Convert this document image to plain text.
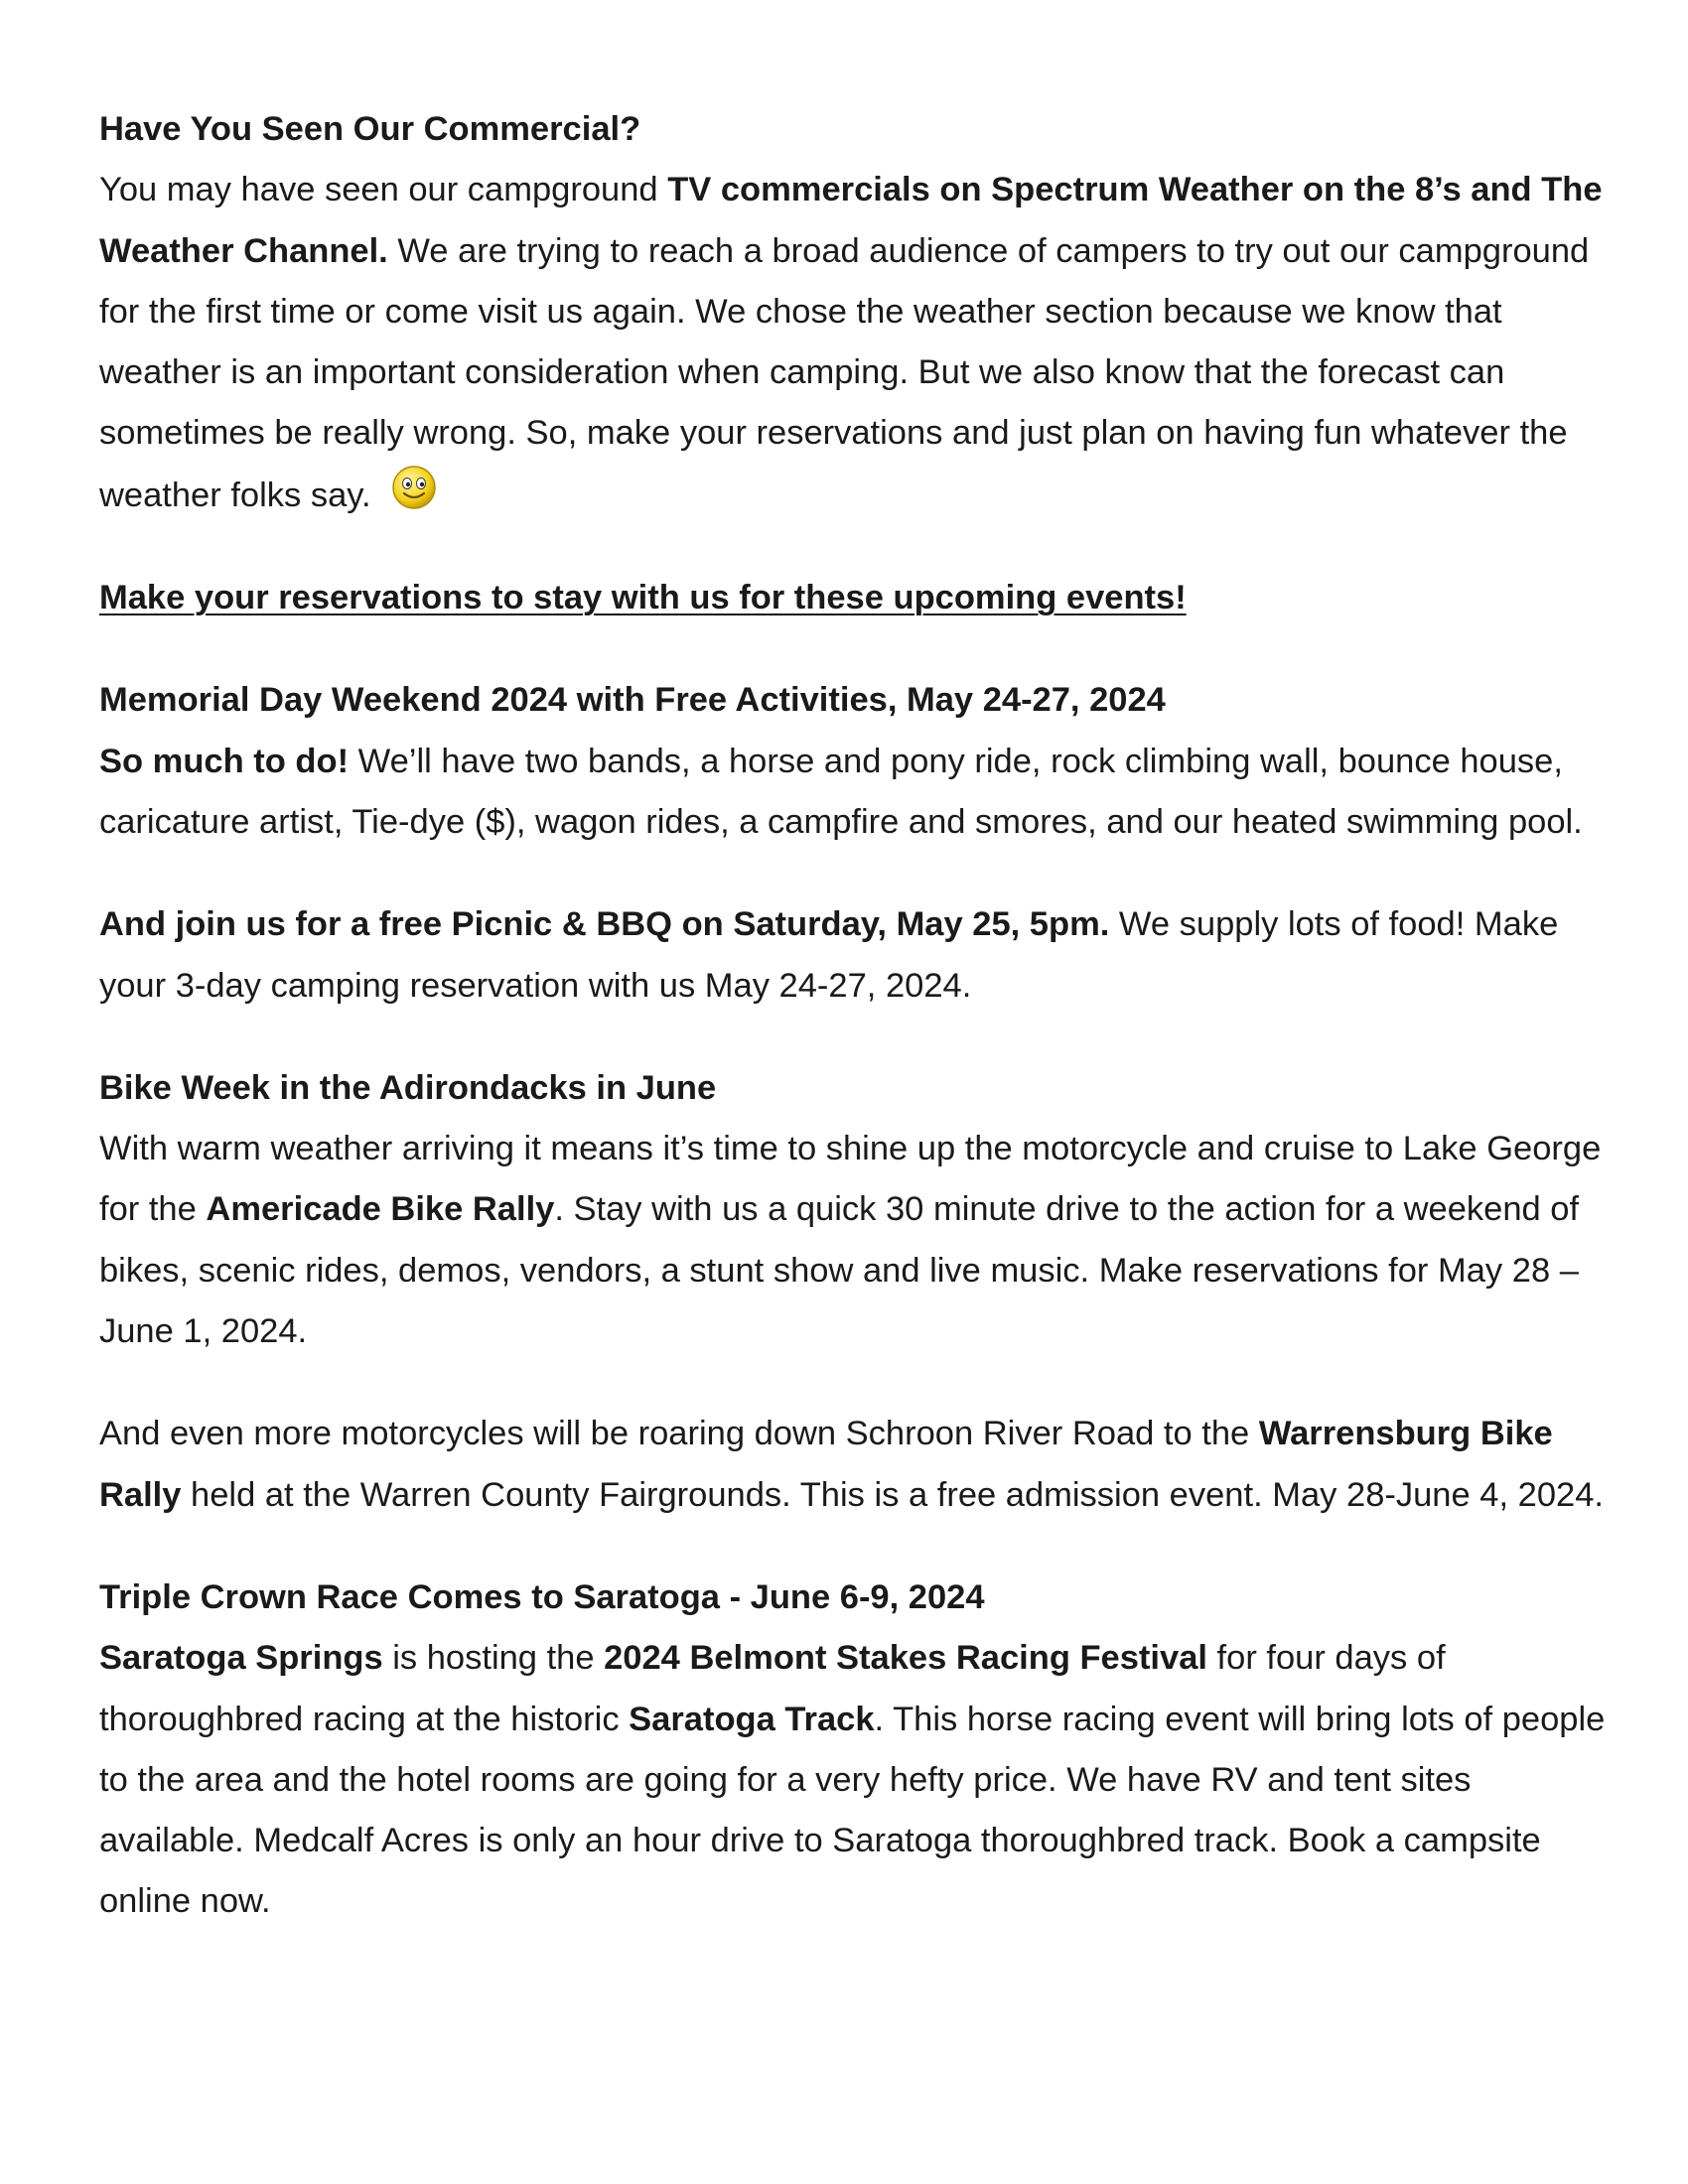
Have You Seen Our Commercial?
You may have seen our campground TV commercials on Spectrum Weather on the 8’s and The Weather Channel. We are trying to reach a broad audience of campers to try out our campground for the first time or come visit us again. We chose the weather section because we know that weather is an important consideration when camping. But we also know that the forecast can sometimes be really wrong. So, make your reservations and just plan on having fun whatever the weather folks say.

Make your reservations to stay with us for these upcoming events!

Memorial Day Weekend 2024 with Free Activities, May 24-27, 2024
So much to do! We’ll have two bands, a horse and pony ride, rock climbing wall, bounce house, caricature artist, Tie-dye ($), wagon rides, a campfire and smores, and our heated swimming pool.

And join us for a free Picnic & BBQ on Saturday, May 25, 5pm. We supply lots of food! Make your 3-day camping reservation with us May 24-27, 2024.

Bike Week in the Adirondacks in June
With warm weather arriving it means it’s time to shine up the motorcycle and cruise to Lake George for the Americade Bike Rally. Stay with us a quick 30 minute drive to the action for a weekend of bikes, scenic rides, demos, vendors, a stunt show and live music. Make reservations for May 28 – June 1, 2024.

And even more motorcycles will be roaring down Schroon River Road to the Warrensburg Bike Rally held at the Warren County Fairgrounds. This is a free admission event. May 28-June 4, 2024.

Triple Crown Race Comes to Saratoga - June 6-9, 2024
Saratoga Springs is hosting the 2024 Belmont Stakes Racing Festival for four days of thoroughbred racing at the historic Saratoga Track. This horse racing event will bring lots of people to the area and the hotel rooms are going for a very hefty price. We have RV and tent sites available. Medcalf Acres is only an hour drive to Saratoga thoroughbred track. Book a campsite online now.
